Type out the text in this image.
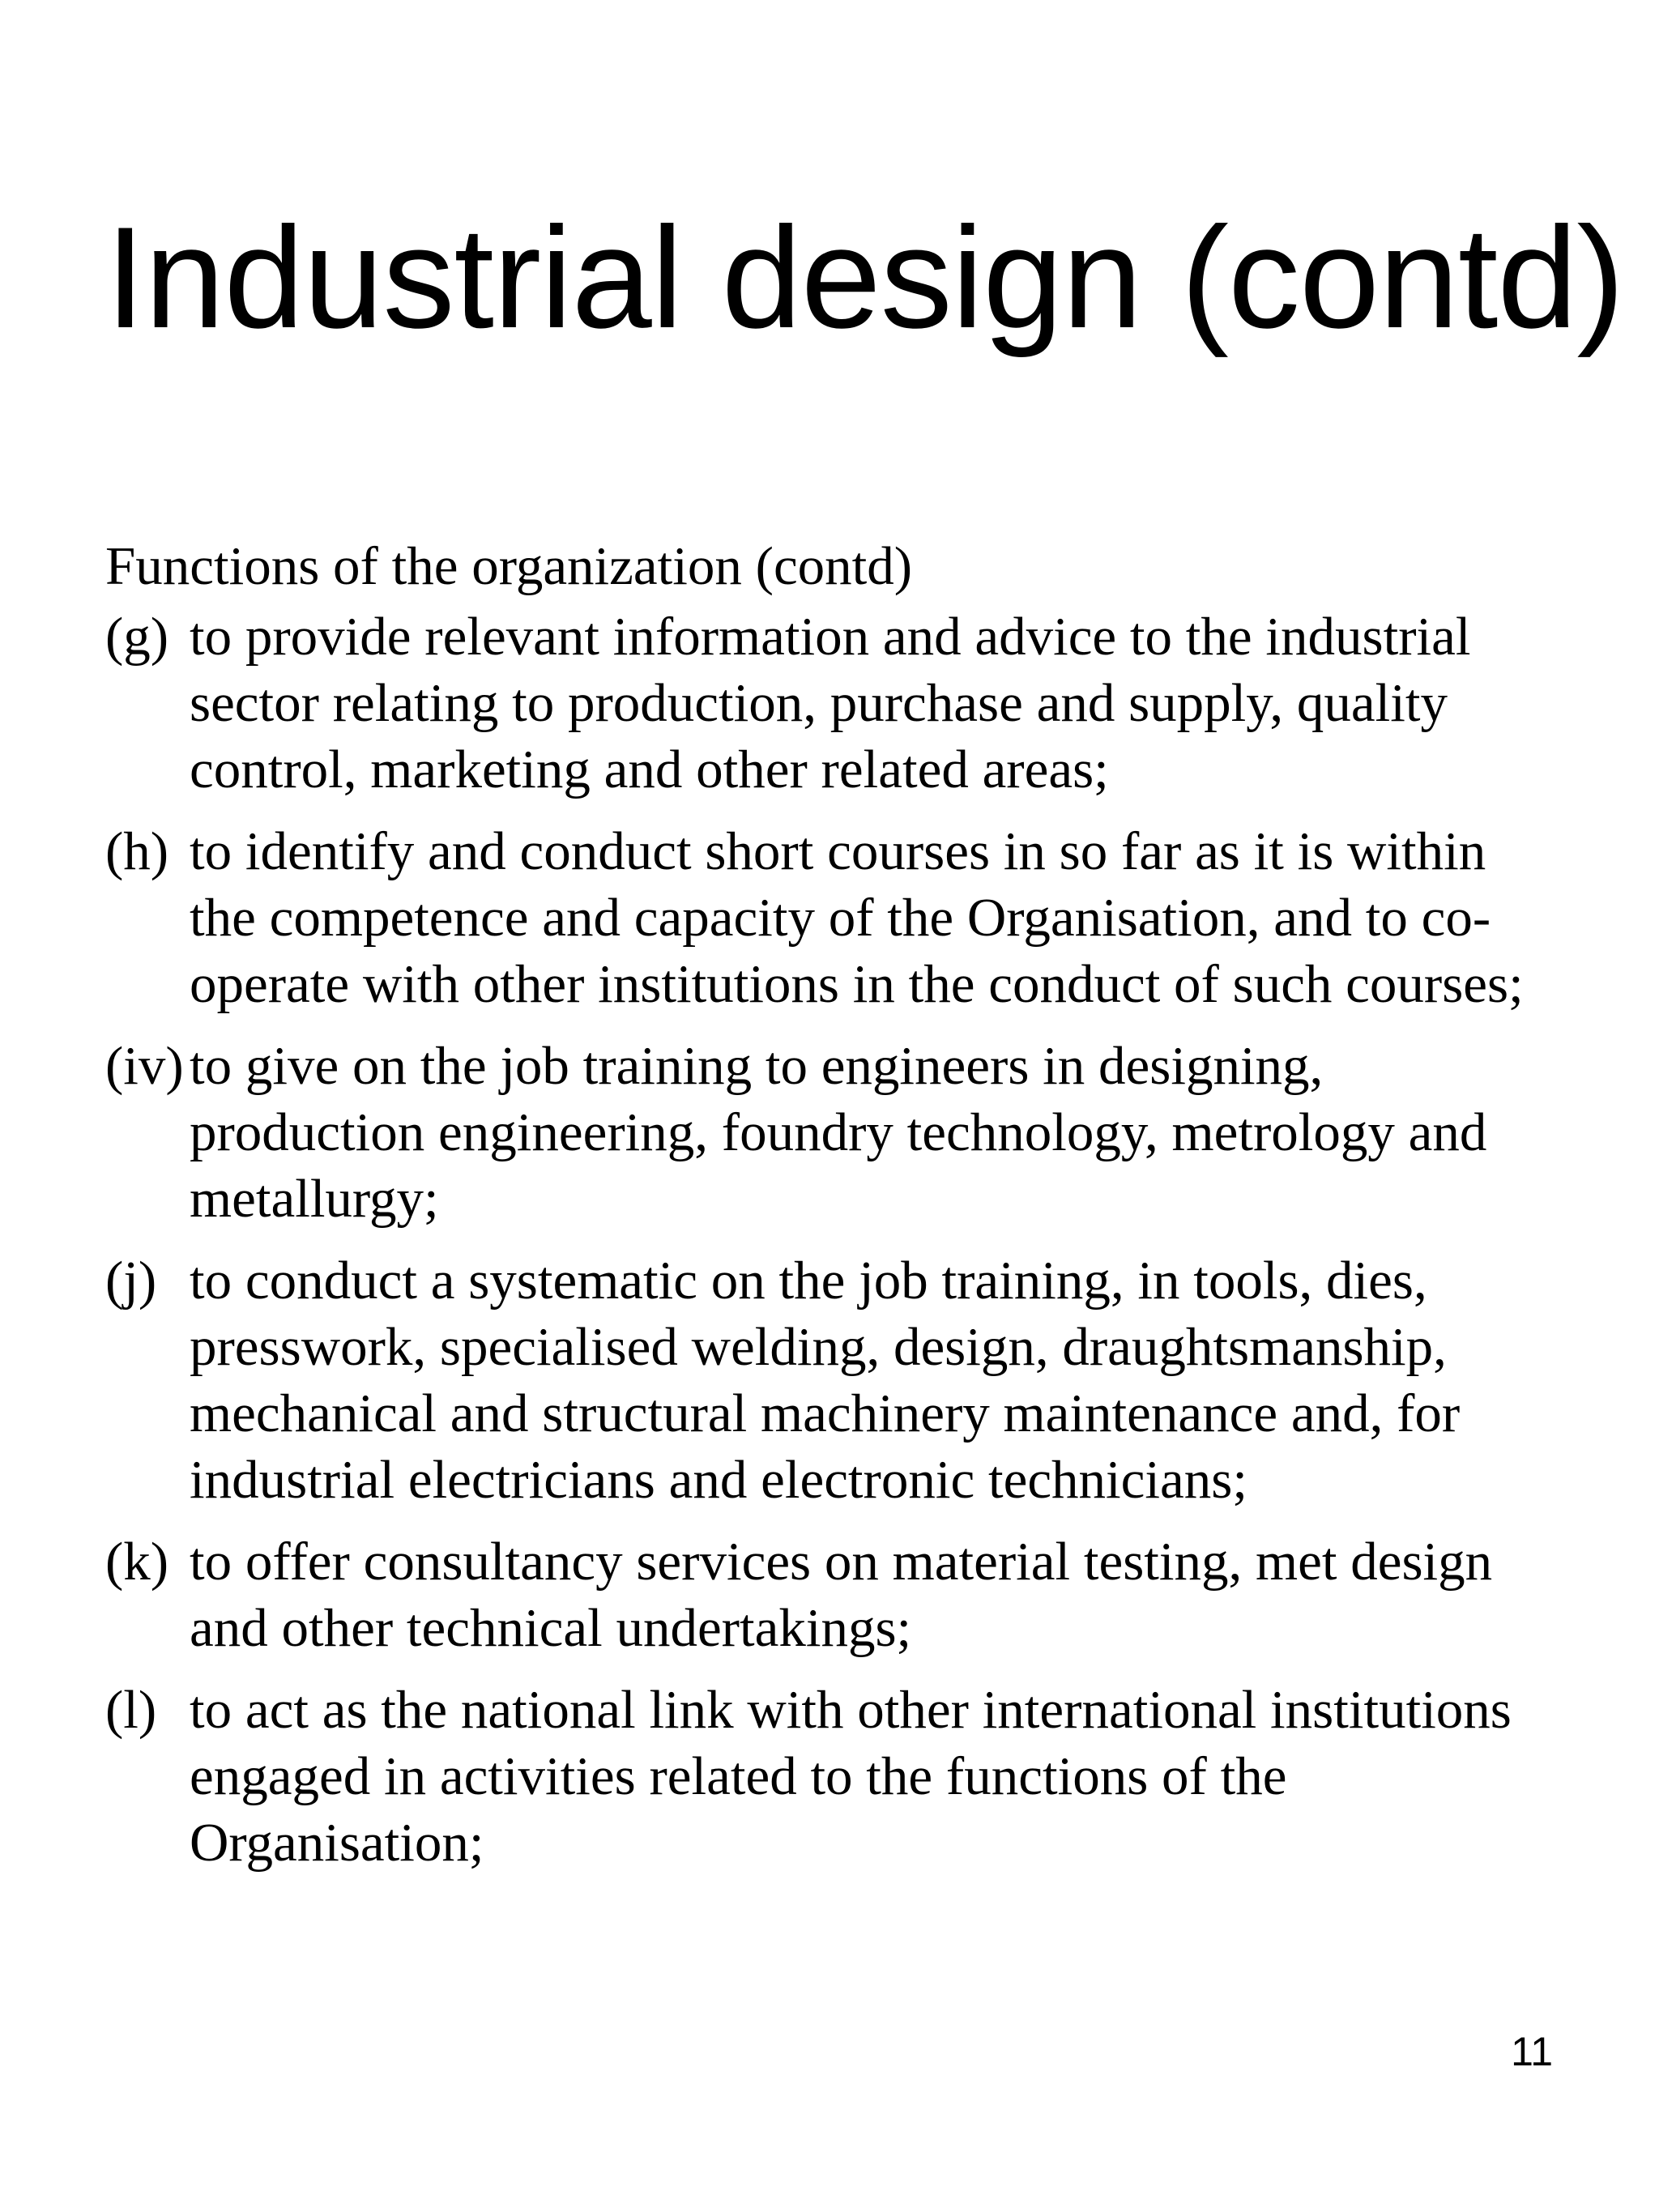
Industrial design (contd)

Functions of the organization (contd)

(g) to provide relevant information and advice to the industrial
sector relating to production, purchase and supply, quality
control, marketing and other related areas;
(h) to identify and conduct short courses in so far as it is within
the competence and capacity of the Organisation, and to co-
operate with other institutions in the conduct of such courses;
(iv) to give on the job training to engineers in designing,
production engineering, foundry technology, metrology and
metallurgy;
(j) to conduct a systematic on the job training, in tools, dies,
presswork, specialised welding, design, draughtsmanship,
mechanical and structural machinery maintenance and, for
industrial electricians and electronic technicians;
(k) to offer consultancy services on material testing, met design
and other technical undertakings;
(l) to act as the national link with other international institutions
engaged in activities related to the functions of the
Organisation;
11
